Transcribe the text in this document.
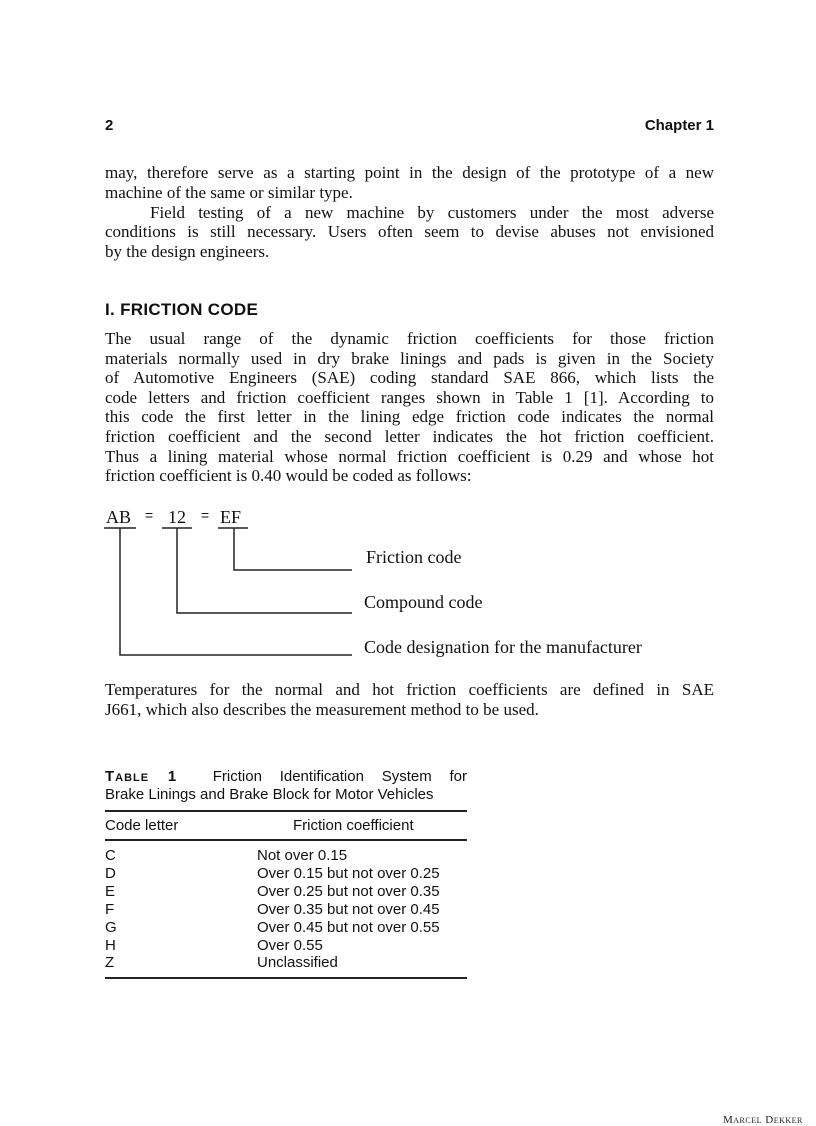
2	Chapter 1
may, therefore serve as a starting point in the design of the prototype of a new
machine of the same or similar type.
Field testing of a new machine by customers under the most adverse
conditions is still necessary. Users often seem to devise abuses not envisioned
by the design engineers.
I. FRICTION CODE
The usual range of the dynamic friction coefficients for those friction
materials normally used in dry brake linings and pads is given in the Society
of Automotive Engineers (SAE) coding standard SAE 866, which lists the
code letters and friction coefficient ranges shown in Table 1 [1]. According to
this code the first letter in the lining edge friction code indicates the normal
friction coefficient and the second letter indicates the hot friction coefficient.
Thus a lining material whose normal friction coefficient is 0.29 and whose hot
friction coefficient is 0.40 would be coded as follows:
AB = 12 = EF
Friction code
Compound code
Code designation for the manufacturer
Temperatures for the normal and hot friction coefficients are defined in SAE
J661, which also describes the measurement method to be used.
Table 1 Friction Identification System for
Brake Linings and Brake Block for Motor Vehicles
Code letter	Friction coefficient
C	Not over 0.15
D	Over 0.15 but not over 0.25
E	Over 0.25 but not over 0.35
F	Over 0.35 but not over 0.45
G	Over 0.45 but not over 0.55
H	Over 0.55
Z	Unclassified
Marcel Dekker
